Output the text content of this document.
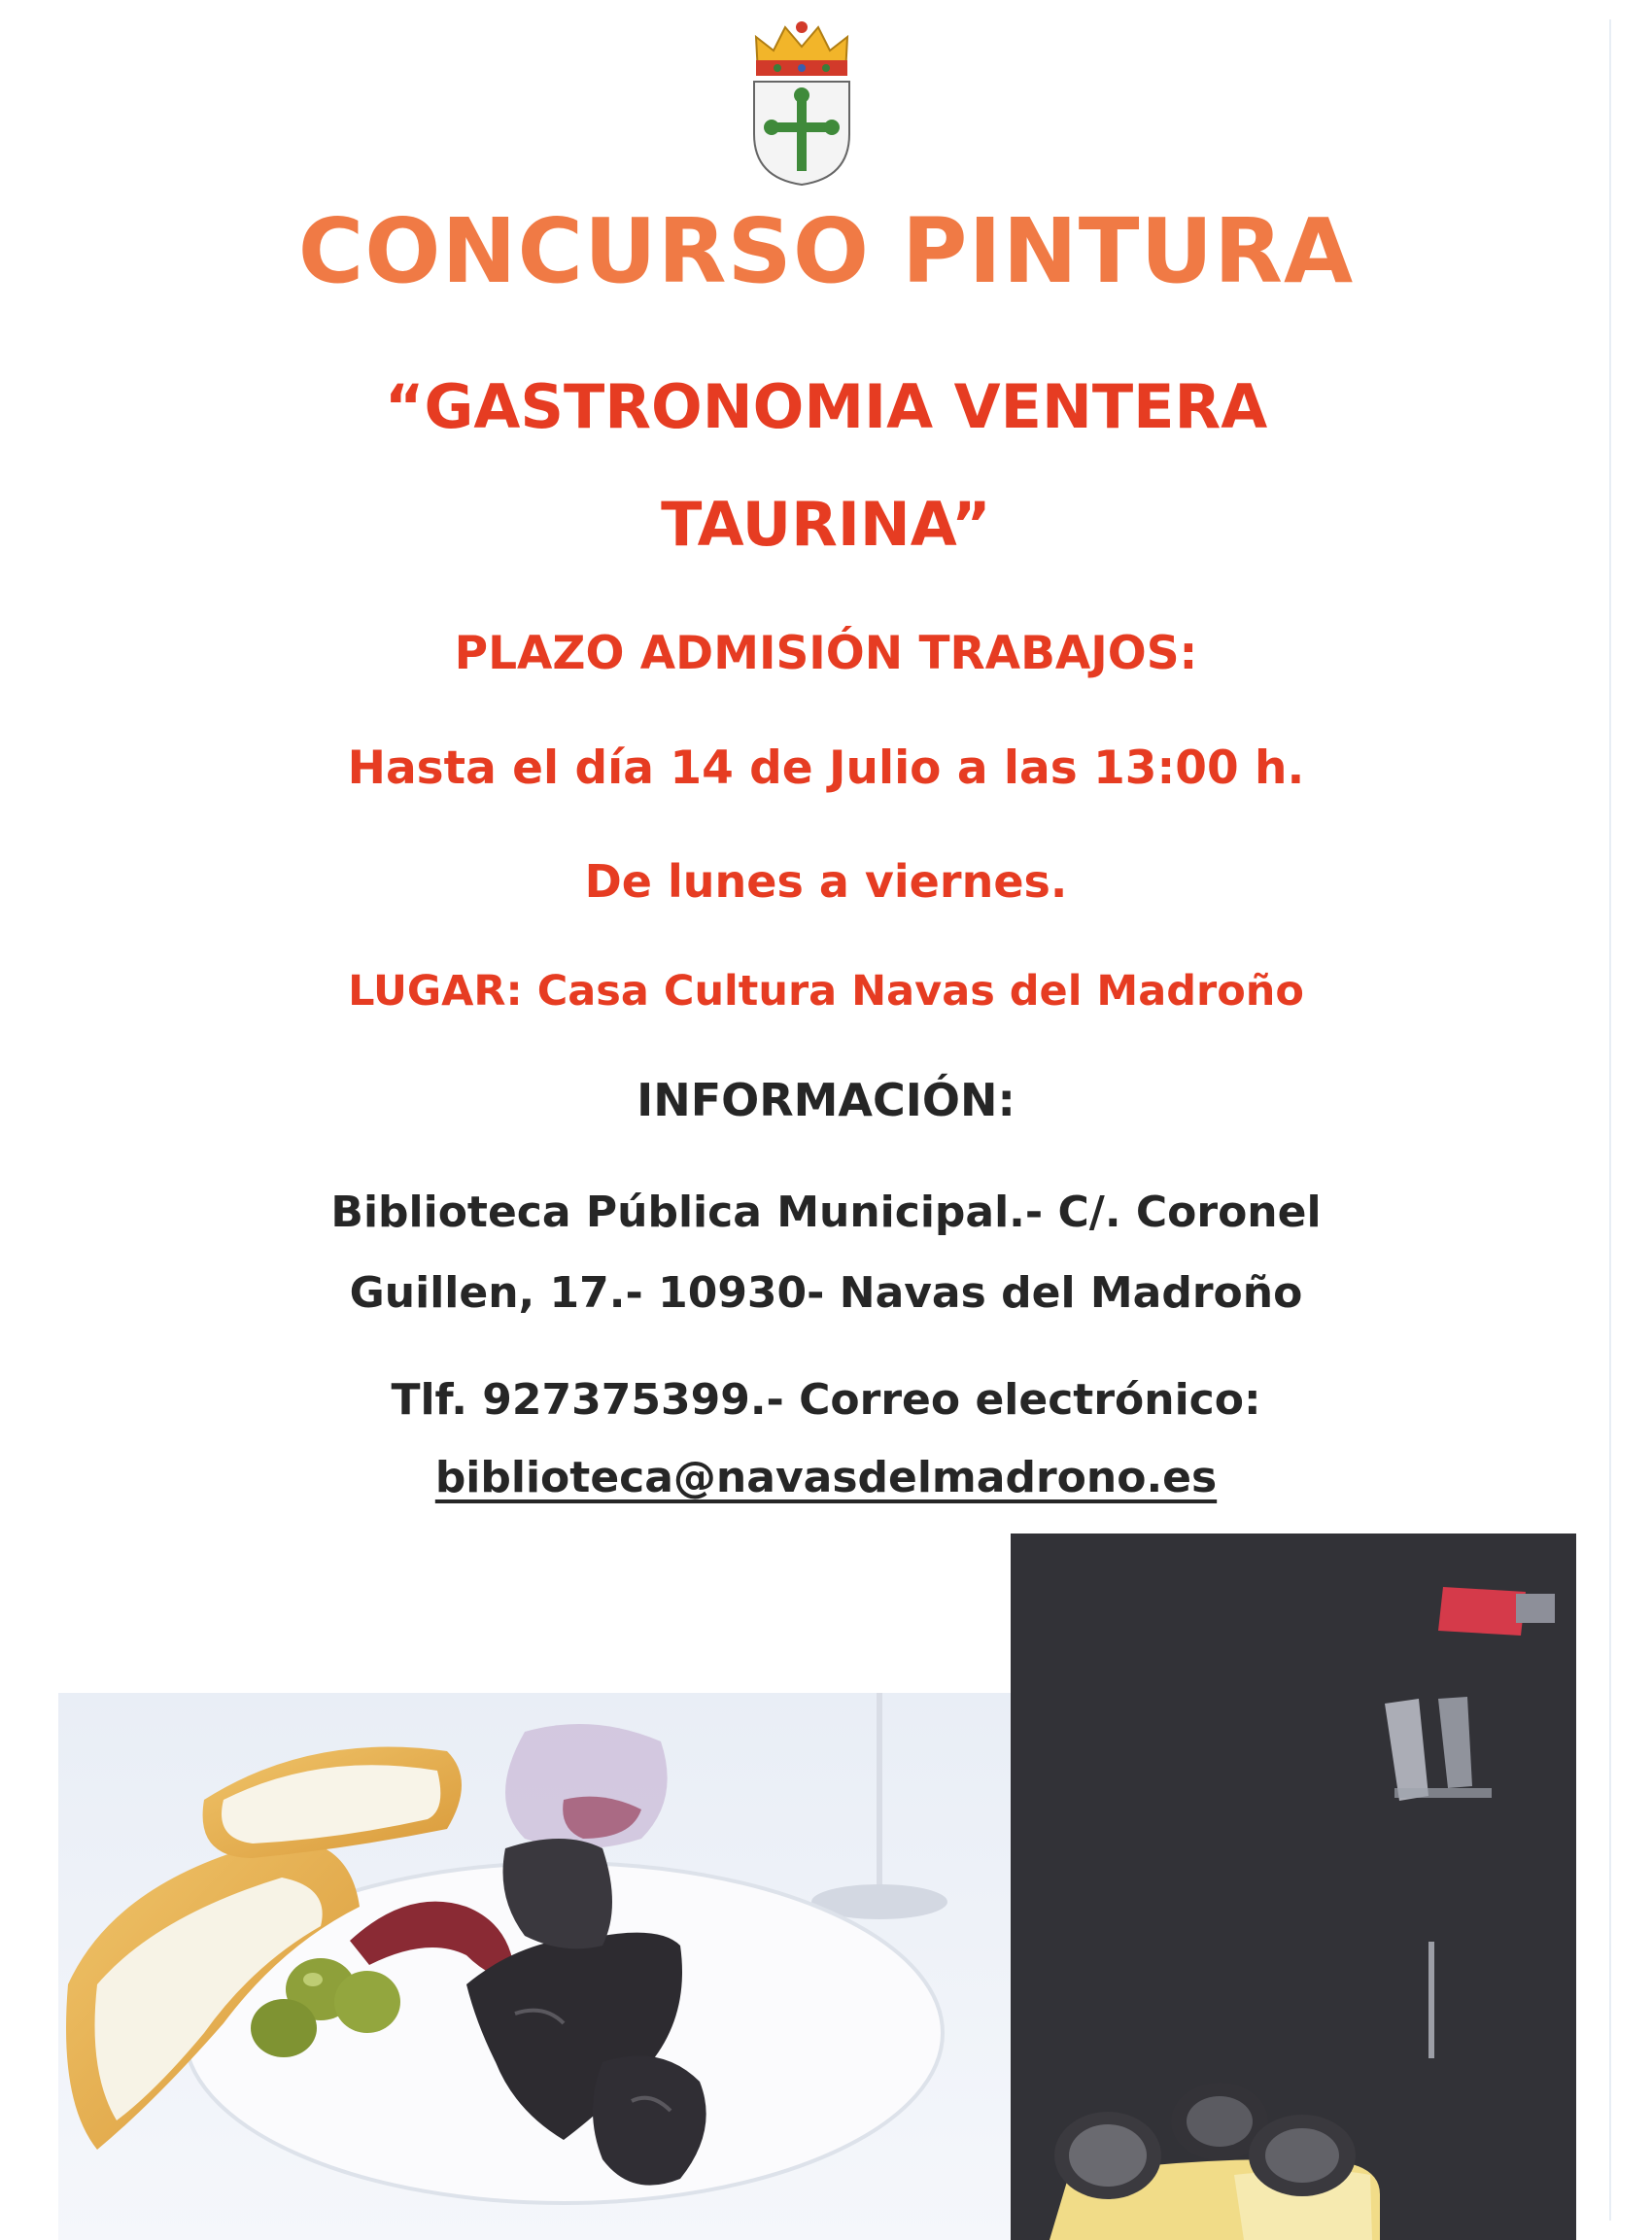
CONCURSO PINTURA
“GASTRONOMIA VENTERA
TAURINA”
PLAZO ADMISIÓN TRABAJOS:
Hasta el día 14 de Julio a las 13:00 h.
De lunes a viernes.
LUGAR: Casa Cultura Navas del Madroño
INFORMACIÓN:
Biblioteca Pública Municipal.- C/. Coronel
Guillen, 17.- 10930- Navas del Madroño
Tlf. 927375399.- Correo electrónico:
biblioteca@navasdelmadrono.es
